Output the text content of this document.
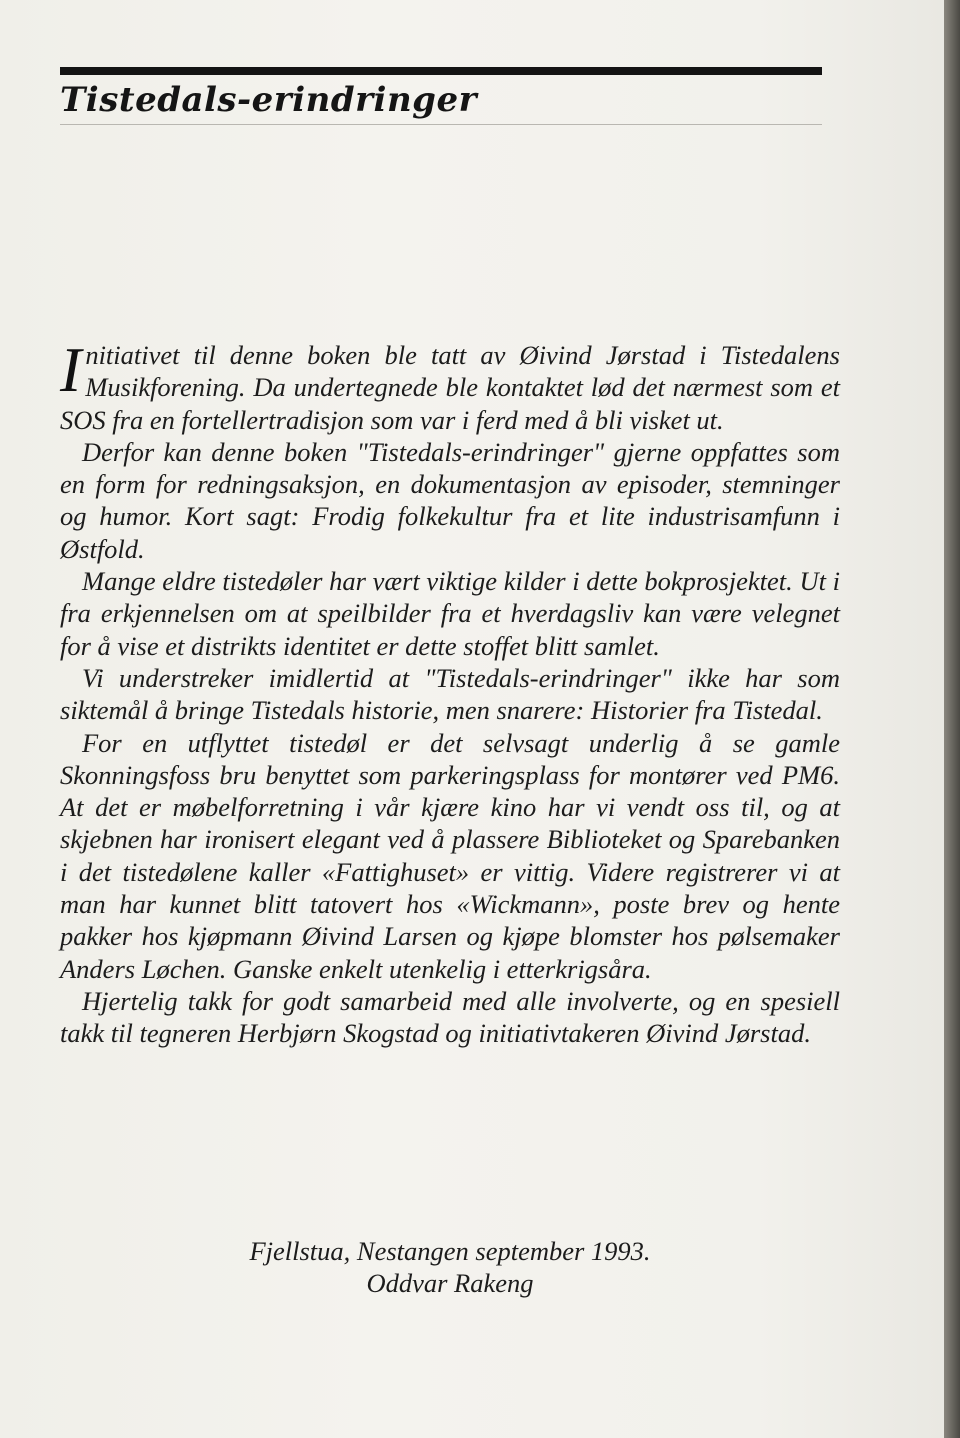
Tistedals-erindringer

Initiativet til denne boken ble tatt av Øivind Jørstad i Tistedalens Musikforening. Da undertegnede ble kontaktet lød det nærmest som et SOS fra en fortellertradisjon som var i ferd med å bli visket ut.

Derfor kan denne boken "Tistedals-erindringer" gjerne oppfattes som en form for redningsaksjon, en dokumentasjon av episoder, stemninger og humor. Kort sagt: Frodig folkekultur fra et lite industrisamfunn i Østfold.

Mange eldre tistedøler har vært viktige kilder i dette bokprosjektet. Ut i fra erkjennelsen om at speilbilder fra et hverdagsliv kan være velegnet for å vise et distrikts identitet er dette stoffet blitt samlet.

Vi understreker imidlertid at "Tistedals-erindringer" ikke har som siktemål å bringe Tistedals historie, men snarere: Historier fra Tistedal.

For en utflyttet tistedøl er det selvsagt underlig å se gamle Skonningsfoss bru benyttet som parkeringsplass for montører ved PM6. At det er møbelforretning i vår kjære kino har vi vendt oss til, og at skjebnen har ironisert elegant ved å plassere Biblioteket og Sparebanken i det tistedølene kaller «Fattighuset» er vittig. Videre registrerer vi at man har kunnet blitt tatovert hos «Wickmann», poste brev og hente pakker hos kjøpmann Øivind Larsen og kjøpe blomster hos pølsemaker Anders Løchen. Ganske enkelt utenkelig i etterkrigsåra.

Hjertelig takk for godt samarbeid med alle involverte, og en spesiell takk til tegneren Herbjørn Skogstad og initiativtakeren Øivind Jørstad.

Fjellstua, Nestangen september 1993.
Oddvar Rakeng
